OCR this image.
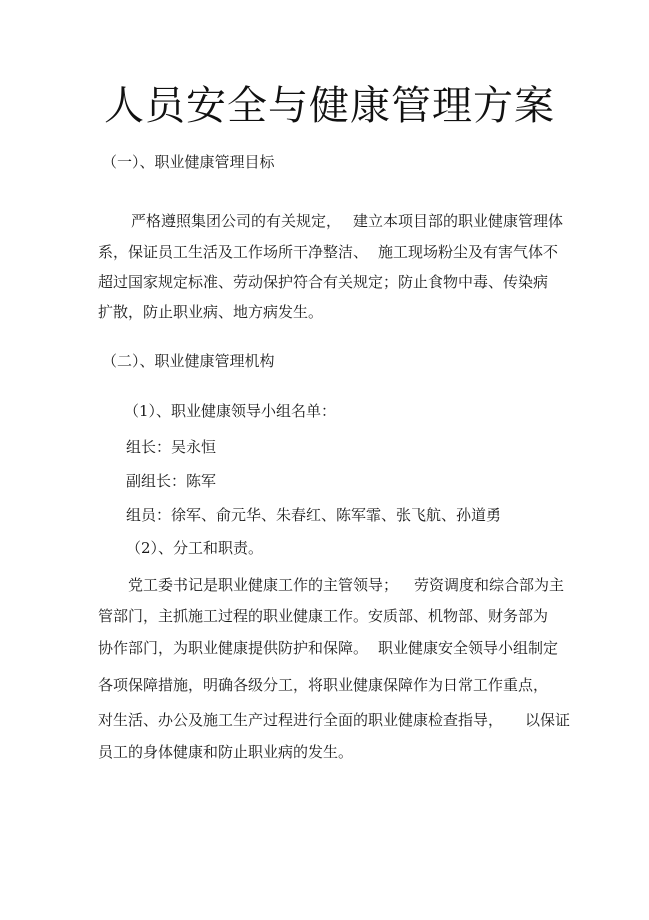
人员安全与健康管理方案
（一）、职业健康管理目标
严格遵照集团公司的有关规定， 建立本项目部的职业健康管理体
系，保证员工生活及工作场所干净整洁、 施工现场粉尘及有害气体不
超过国家规定标准、劳动保护符合有关规定；防止食物中毒、传染病
扩散，防止职业病、地方病发生。
（二）、职业健康管理机构
（1）、职业健康领导小组名单：
组长：吴永恒
副组长：陈军
组员：徐军、俞元华、朱春红、陈军霏、张飞航、孙道勇
（2）、分工和职责。
党工委书记是职业健康工作的主管领导； 劳资调度和综合部为主
管部门，主抓施工过程的职业健康工作。安质部、机物部、财务部为
协作部门，为职业健康提供防护和保障。 职业健康安全领导小组制定
各项保障措施，明确各级分工，将职业健康保障作为日常工作重点，
对生活、办公及施工生产过程进行全面的职业健康检查指导， 以保证
员工的身体健康和防止职业病的发生。
